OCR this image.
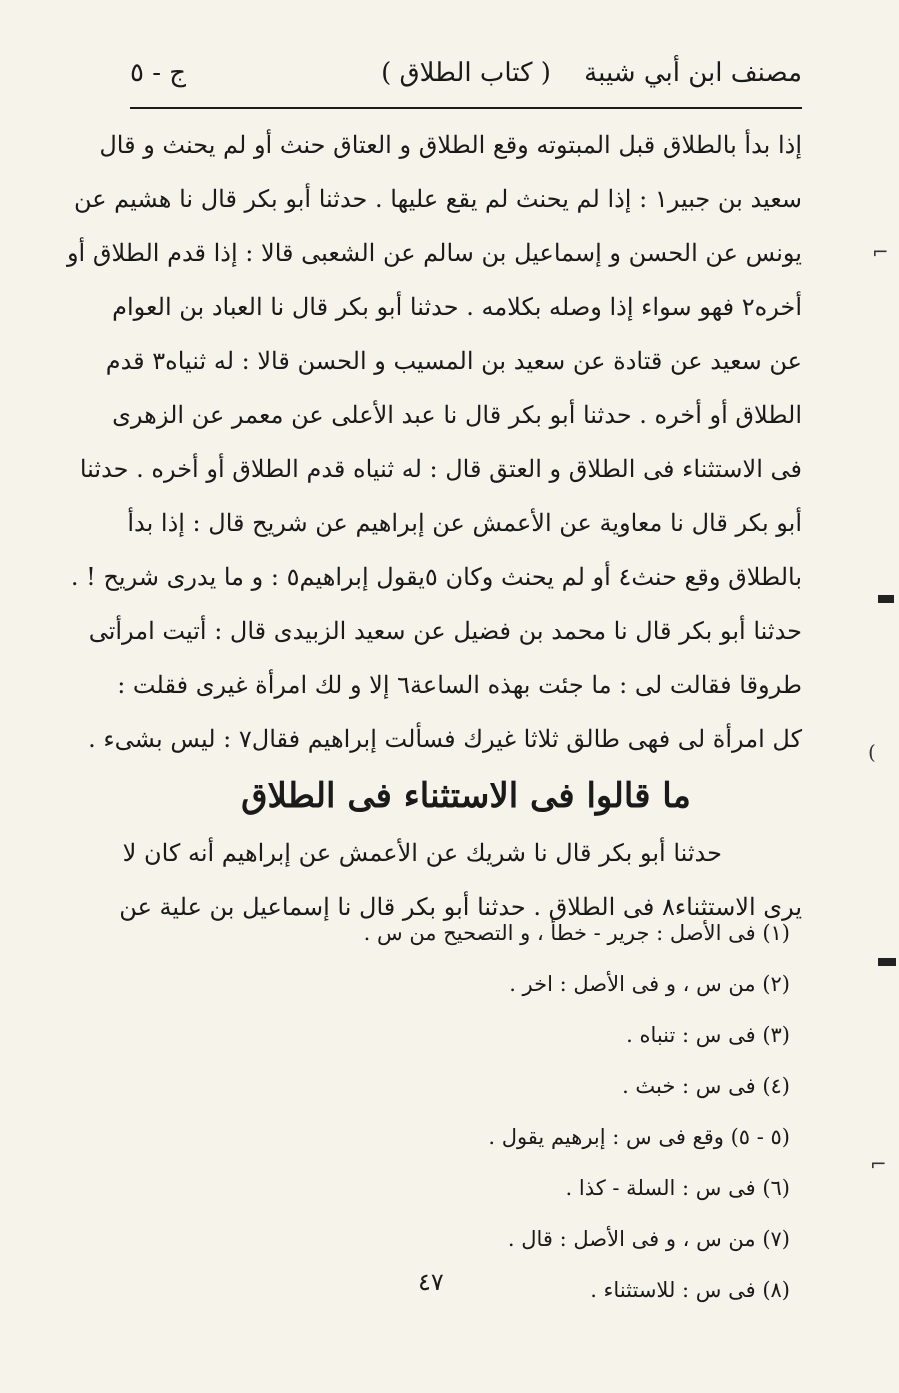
ج - ٥	( كتاب الطلاق )	مصنف ابن أبي شيبة
إذا بدأ بالطلاق قبل المبتوته وقع الطلاق و العتاق حنث أو لم يحنث و قال
سعيد بن جبير١ : إذا لم يحنث لم يقع عليها . حدثنا أبو بكر قال نا هشيم عن
يونس عن الحسن و إسماعيل بن سالم عن الشعبى قالا : إذا قدم الطلاق أو
أخره٢ فهو سواء إذا وصله بكلامه . حدثنا أبو بكر قال نا العباد بن العوام
عن سعيد عن قتادة عن سعيد بن المسيب و الحسن قالا : له ثنياه٣ قدم
الطلاق أو أخره . حدثنا أبو بكر قال نا عبد الأعلى عن معمر عن الزهرى
فى الاستثناء فى الطلاق و العتق قال : له ثنياه قدم الطلاق أو أخره . حدثنا
أبو بكر قال نا معاوية عن الأعمش عن إبراهيم عن شريح قال : إذا بدأ
بالطلاق وقع حنث٤ أو لم يحنث وكان ٥يقول إبراهيم٥ : و ما يدرى شريح ! .
حدثنا أبو بكر قال نا محمد بن فضيل عن سعيد الزبيدى قال : أتيت امرأتى
طروقا فقالت لى : ما جئت بهذه الساعة٦ إلا و لك امرأة غيرى فقلت :
كل امرأة لى فهى طالق ثلاثا غيرك فسألت إبراهيم فقال٧ : ليس بشىء .
ما قالوا فى الاستثناء فى الطلاق
حدثنا أبو بكر قال نا شريك عن الأعمش عن إبراهيم أنه كان لا
يرى الاستثناء٨ فى الطلاق . حدثنا أبو بكر قال نا إسماعيل بن علية عن
(١) فى الأصل : جرير - خطأ ، و التصحيح من س .
(٢) من س ، و فى الأصل : اخر .
(٣) فى س : تنباه .
(٤) فى س : خبث .
(٥ - ٥) وقع فى س : إبرهيم يقول .
(٦) فى س : السلة - كذا .
(٧) من س ، و فى الأصل : قال .
(٨) فى س : للاستثناء .
٤٧
⌐
(
⌐
